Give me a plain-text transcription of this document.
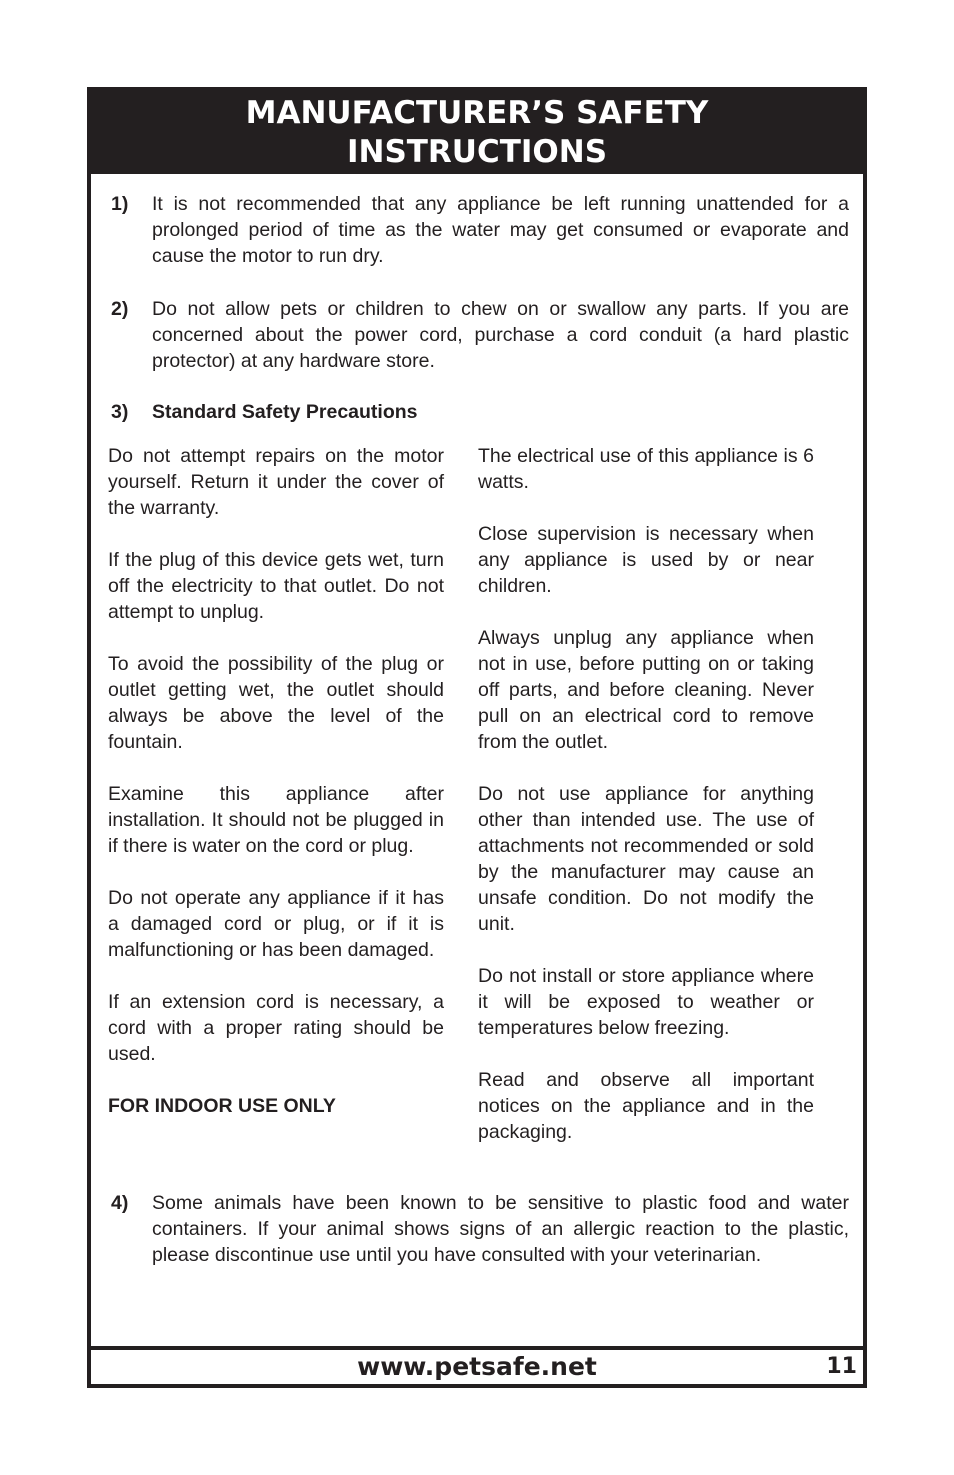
MANUFACTURER’S SAFETY
INSTRUCTIONS
1) It is not recommended that any appliance be left running unattended for a prolonged period of time as the water may get consumed or evaporate and cause the motor to run dry.
2) Do not allow pets or children to chew on or swallow any parts. If you are concerned about the power cord, purchase a cord conduit (a hard plastic protector) at any hardware store.
3) Standard Safety Precautions

Do not attempt repairs on the motor yourself. Return it under the cover of the warranty.

If the plug of this device gets wet, turn off the electricity to that outlet. Do not attempt to unplug.

To avoid the possibility of the plug or outlet getting wet, the outlet should always be above the level of the fountain.

Examine this appliance after installation. It should not be plugged in if there is water on the cord or plug.

Do not operate any appliance if it has a damaged cord or plug, or if it is malfunctioning or has been damaged.

If an extension cord is necessary, a cord with a proper rating should be used.

FOR INDOOR USE ONLY

The electrical use of this appliance is 6 watts.

Close supervision is necessary when any appliance is used by or near children.

Always unplug any appliance when not in use, before putting on or taking off parts, and before cleaning. Never pull on an electrical cord to remove from the outlet.

Do not use appliance for anything other than intended use. The use of attachments not recommended or sold by the manufacturer may cause an unsafe condition. Do not modify the unit.

Do not install or store appliance where it will be exposed to weather or temperatures below freezing.

Read and observe all important notices on the appliance and in the packaging.

4) Some animals have been known to be sensitive to plastic food and water containers. If your animal shows signs of an allergic reaction to the plastic, please discontinue use until you have consulted with your veterinarian.
www.petsafe.net	11
